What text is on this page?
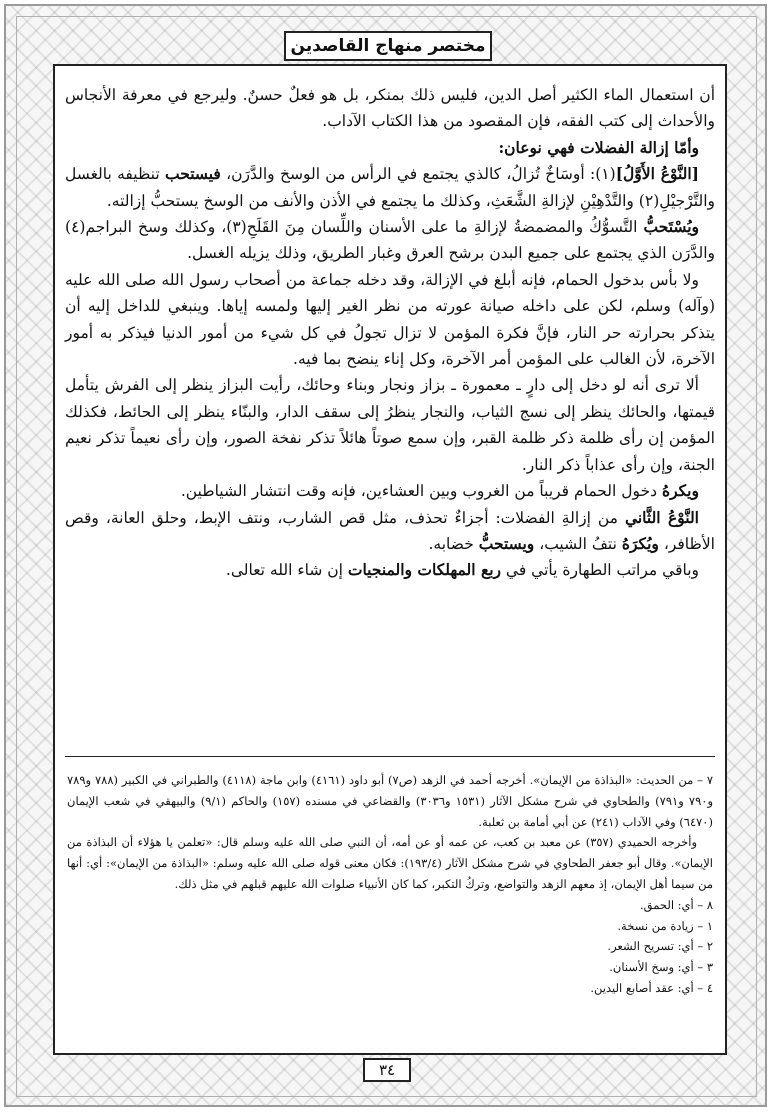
مختصر منهاج القاصدين

أن استعمال الماء الكثير أصل الدين، فليس ذلك بمنكر، بل هو فعلٌ حسنٌ. وليرجع في معرفة الأنجاس والأحداث إلى كتب الفقه، فإن المقصود من هذا الكتاب الآداب.

وأمّا إزالة الفضلات فهي نوعان:

[النَّوْعُ الأَوَّلُ](١): أوسَاخٌ تُزالُ، كالذي يجتمع في الرأس من الوسخ والدَّرَن، فيستحب تنظيفه بالغسل والتَّرْجيْلِ(٢) والتَّدْهِيْنِ لإزالةِ الشَّعَثِ، وكذلك ما يجتمع في الأذن والأنف من الوسخ يستحبُّ إزالته.

ويُسْتَحبُّ التَّسوُّكُ والمضمضةُ لإزالةِ ما على الأسنان واللِّسان مِنَ القَلَحِ(٣)، وكذلك وسخ البراجم(٤) والدَّرَن الذي يجتمع على جميع البدن برشح العرق وغبار الطريق، وذلك يزيله الغسل.

ولا بأس بدخول الحمام، فإنه أبلغ في الإزالة، وقد دخله جماعة من أصحاب رسول الله صلى الله عليه (وآله) وسلم، لكن على داخله صيانة عورته من نظر الغير إليها ولمسه إياها. وينبغي للداخل إليه أن يتذكر بحرارته حر النار، فإنَّ فكرة المؤمن لا تزال تجولُ في كل شيء من أمور الدنيا فيذكر به أمور الآخرة، لأن الغالب على المؤمن أمر الآخرة، وكل إناء ينضح بما فيه.

ألا ترى أنه لو دخل إلى دارٍ ـ معمورة ـ بزاز ونجار وبناء وحائك، رأيت البزاز ينظر إلى الفرش يتأمل قيمتها، والحائك ينظر إلى نسج الثياب، والنجار ينظرُ إلى سقف الدار، والبنّاء ينظر إلى الحائط، فكذلك المؤمن إن رأى ظلمة ذكر ظلمة القبر، وإن سمع صوتاً هائلاً تذكر نفخة الصور، وإن رأى نعيماً تذكر نعيم الجنة، وإن رأى عذاباً ذكر النار.

ويكرهُ دخول الحمام قريباً من الغروب وبين العشاءين، فإنه وقت انتشار الشياطين.

النَّوْعُ الثَّاني من إزالةِ الفضلات: أجزاءٌ تحذف، مثل قص الشارب، ونتف الإبط، وحلق العانة، وقص الأظافر، ويُكرَهُ نتفُ الشيب، ويستحبُّ خضابه.

وباقي مراتب الطهارة يأتي في ربع المهلكات والمنجيات إن شاء الله تعالى.

٧ – من الحديث: «البذاذة من الإيمان». أخرجه أحمد في الزهد (ص٧) أبو داود (٤١٦١) وابن ماجة (٤١١٨) والطبراني في الكبير (٧٨٨ و٧٨٩ و٧٩٠ و٧٩١) والطحاوي في شرح مشكل الآثار (١٥٣١ و٣٠٣٦) والقضاعي في مسنده (١٥٧) والحاكم (٩/١) والبيهقي في شعب الإيمان (٦٤٧٠) وفي الآداب (٢٤١) عن أبي أمامة بن ثعلبة.

وأخرجه الحميدي (٣٥٧) عن معبد بن كعب، عن عمه أو عن أمه، أن النبي صلى الله عليه وسلم قال: «تعلمن يا هؤلاء أن البذاذة من الإيمان». وقال أبو جعفر الطحاوي في شرح مشكل الآثار (١٩٣/٤): فكان معنى قوله صلى الله عليه وسلم: «البذاذة من الإيمان»: أي: أنها من سيما أهل الإيمان، إذ معهم الزهد والتواضع، وتركُ التكبر، كما كان الأنبياء صلوات الله عليهم قبلهم في مثل ذلك.

٨ – أي: الحمق.

١ – زيادة من نسخة.

٢ – أي: تسريح الشعر.

٣ – أي: وسخ الأسنان.

٤ – أي: عقد أصابع اليدين.

٣٤
